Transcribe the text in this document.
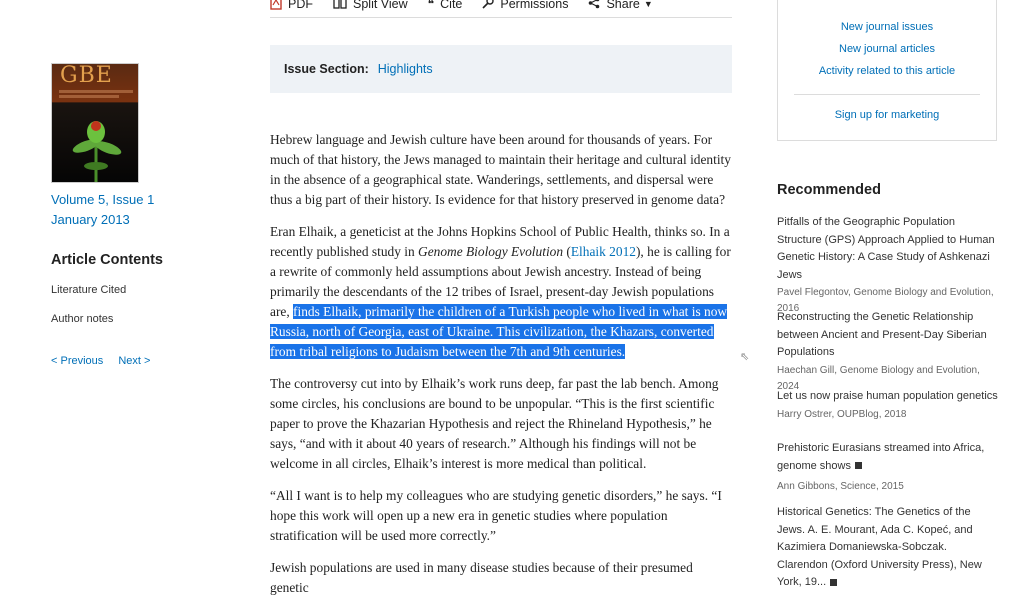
PDF	Split View ❝ Cite	Permissions	Share ▼
GBE
Volume 5, Issue 1
January 2013
Article Contents
Literature Cited
Author notes
< Previous Next >
Issue Section: Highlights

Hebrew language and Jewish culture have been around for thousands of years. For much of that history, the Jews managed to maintain their heritage and cultural identity in the absence of a geographical state. Wanderings, settlements, and dispersal were thus a big part of their history. Is evidence for that history preserved in genome data?

Eran Elhaik, a geneticist at the Johns Hopkins School of Public Health, thinks so. In a recently published study in Genome Biology Evolution (Elhaik 2012), he is calling for a rewrite of commonly held assumptions about Jewish ancestry. Instead of being primarily the descendants of the 12 tribes of Israel, present-day Jewish populations are, finds Elhaik, primarily the children of a Turkish people who lived in what is now Russia, north of Georgia, east of Ukraine. This civilization, the Khazars, converted from tribal religions to Judaism between the 7th and 9th centuries.

The controversy cut into by Elhaik’s work runs deep, far past the lab bench. Among some circles, his conclusions are bound to be unpopular. “This is the first scientific paper to prove the Khazarian Hypothesis and reject the Rhineland Hypothesis,” he says, “and with it about 40 years of research.” Although his findings will not be welcome in all circles, Elhaik’s interest is more medical than political.

“All I want is to help my colleagues who are studying genetic disorders,” he says. “I hope this work will open up a new era in genetic studies where population stratification will be used more correctly.”

Jewish populations are used in many disease studies because of their presumed genetic

⇖
New journal issues
New journal articles
Activity related to this article
Sign up for marketing
Recommended
Pitfalls of the Geographic Population Structure (GPS) Approach Applied to Human Genetic History: A Case Study of Ashkenazi Jews
Pavel Flegontov, Genome Biology and Evolution, 2016
Reconstructing the Genetic Relationship between Ancient and Present-Day Siberian Populations
Haechan Gill, Genome Biology and Evolution, 2024
Let us now praise human population genetics
Harry Ostrer, OUPBlog, 2018
Prehistoric Eurasians streamed into Africa, genome shows
Ann Gibbons, Science, 2015
Historical Genetics: The Genetics of the Jews. A. E. Mourant, Ada C. Kopeć, and Kazimiera Domaniewska-Sobczak. Clarendon (Oxford University Press), New York, 19...
